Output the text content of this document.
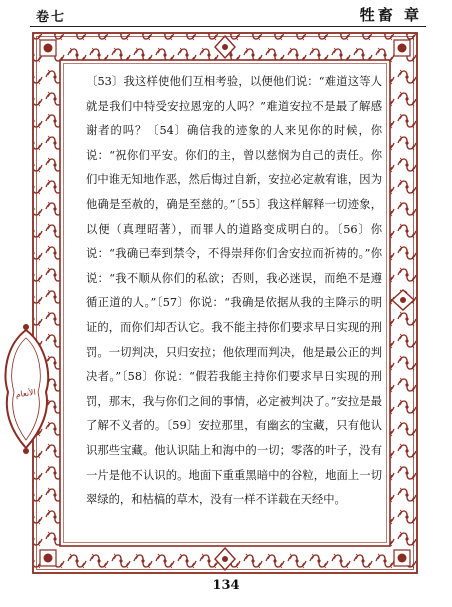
卷七	牲畜 章
الأنعام

〔53〕我这样使他们互相考验，以便他们说：“难道这等人就是我们中特受安拉恩宠的人吗？”难道安拉不是最了解感谢者的吗？〔54〕确信我的迹象的人来见你的时候，你说：“祝你们平安。你们的主，曾以慈悯为自己的责任。你们中谁无知地作恶，然后悔过自新，安拉必定赦宥谁，因为他确是至赦的，确是至慈的。”〔55〕我这样解释一切迹象，以便（真理昭著），而罪人的道路变成明白的。〔56〕你说：“我确已奉到禁令，不得崇拜你们舍安拉而祈祷的。”你说：“我不顺从你们的私欲；否则，我必迷误，而绝不是遵循正道的人。”〔57〕你说：“我确是依据从我的主降示的明证的，而你们却否认它。我不能主持你们要求早日实现的刑罚。一切判决，只归安拉；他依理而判决，他是最公正的判决者。”〔58〕你说：“假若我能主持你们要求早日实现的刑罚，那末，我与你们之间的事情，必定被判决了。”安拉是最了解不义者的。〔59〕安拉那里，有幽玄的宝藏，只有他认识那些宝藏。他认识陆上和海中的一切；零落的叶子，没有一片是他不认识的。地面下重重黑暗中的谷粒，地面上一切翠绿的，和枯槁的草木，没有一样不详载在天经中。

134
